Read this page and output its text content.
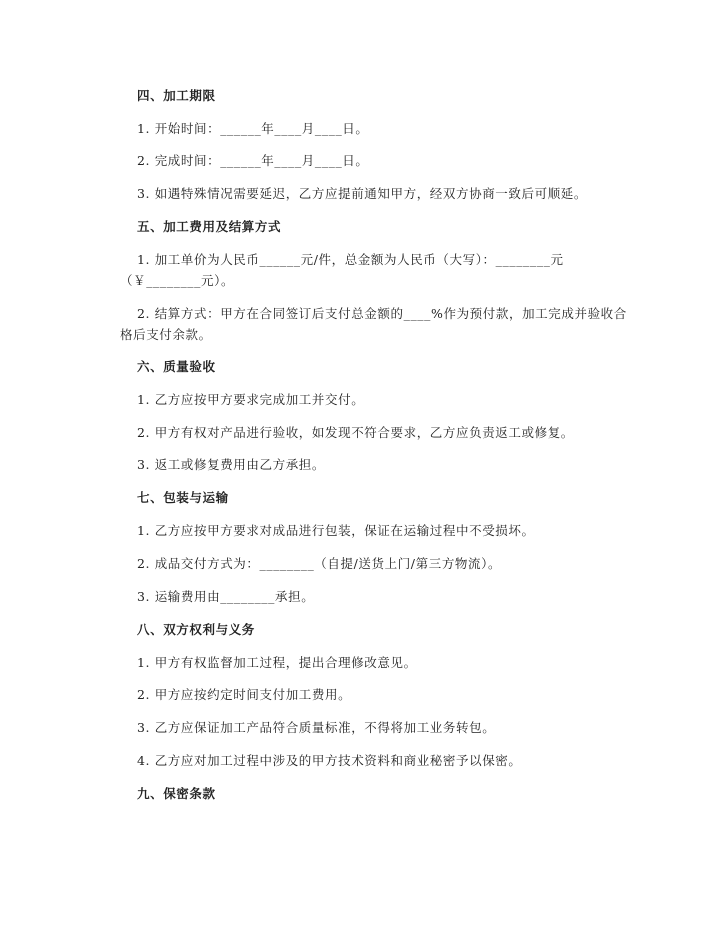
四、加工期限
1. 开始时间：______年____月____日。
2. 完成时间：______年____月____日。
3. 如遇特殊情况需要延迟，乙方应提前通知甲方，经双方协商一致后可顺延。
五、加工费用及结算方式
1. 加工单价为人民币______元/件，总金额为人民币（大写）：________元（￥________元）。
2. 结算方式：甲方在合同签订后支付总金额的____%作为预付款，加工完成并验收合格后支付余款。
六、质量验收
1. 乙方应按甲方要求完成加工并交付。
2. 甲方有权对产品进行验收，如发现不符合要求，乙方应负责返工或修复。
3. 返工或修复费用由乙方承担。
七、包装与运输
1. 乙方应按甲方要求对成品进行包装，保证在运输过程中不受损坏。
2. 成品交付方式为：________（自提/送货上门/第三方物流）。
3. 运输费用由________承担。
八、双方权利与义务
1. 甲方有权监督加工过程，提出合理修改意见。
2. 甲方应按约定时间支付加工费用。
3. 乙方应保证加工产品符合质量标准，不得将加工业务转包。
4. 乙方应对加工过程中涉及的甲方技术资料和商业秘密予以保密。
九、保密条款
